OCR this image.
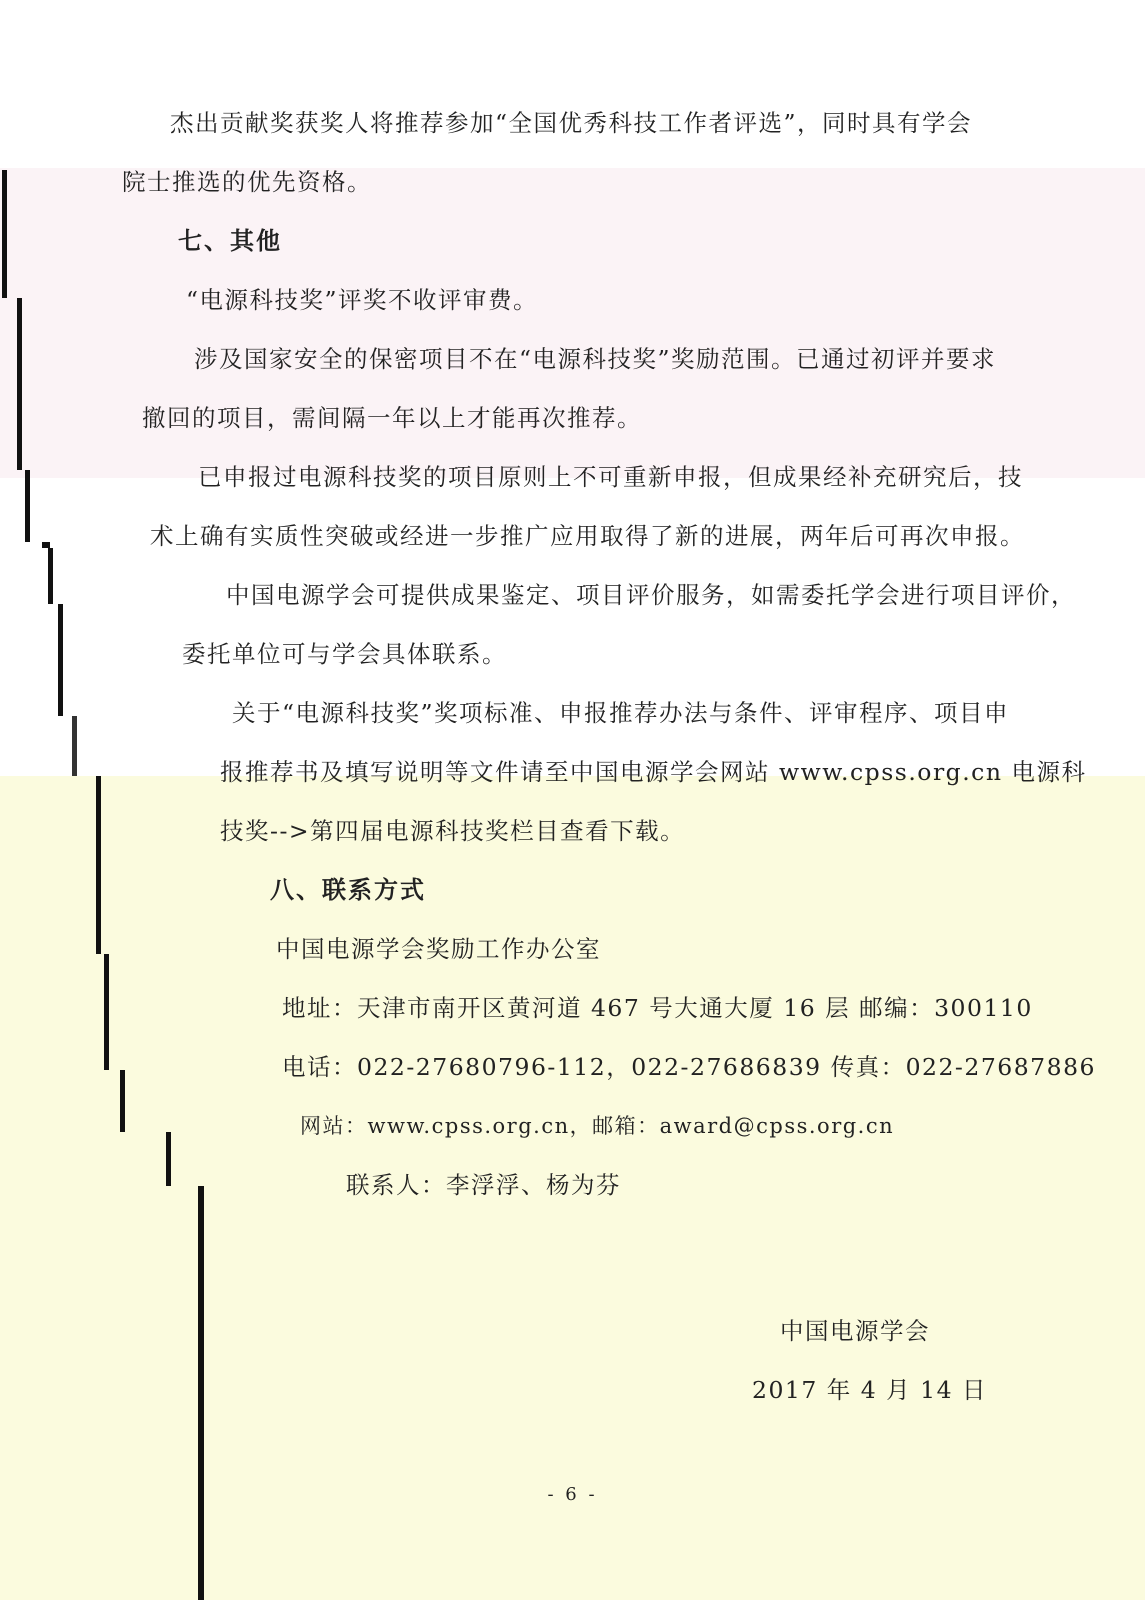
杰出贡献奖获奖人将推荐参加“全国优秀科技工作者评选”，同时具有学会
院士推选的优先资格。
七、其他
“电源科技奖”评奖不收评审费。
涉及国家安全的保密项目不在“电源科技奖”奖励范围。已通过初评并要求
撤回的项目，需间隔一年以上才能再次推荐。
已申报过电源科技奖的项目原则上不可重新申报，但成果经补充研究后，技
术上确有实质性突破或经进一步推广应用取得了新的进展，两年后可再次申报。
中国电源学会可提供成果鉴定、项目评价服务，如需委托学会进行项目评价，
委托单位可与学会具体联系。
关于“电源科技奖”奖项标准、申报推荐办法与条件、评审程序、项目申
报推荐书及填写说明等文件请至中国电源学会网站 www.cpss.org.cn 电源科
技奖-->第四届电源科技奖栏目查看下载。
八、联系方式
中国电源学会奖励工作办公室
地址：天津市南开区黄河道 467 号大通大厦 16 层 邮编：300110
电话：022-27680796-112，022-27686839 传真：022-27687886
网站：www.cpss.org.cn，邮箱：award@cpss.org.cn
联系人：李浮浮、杨为芬
中国电源学会
2017 年 4 月 14 日
- 6 -
